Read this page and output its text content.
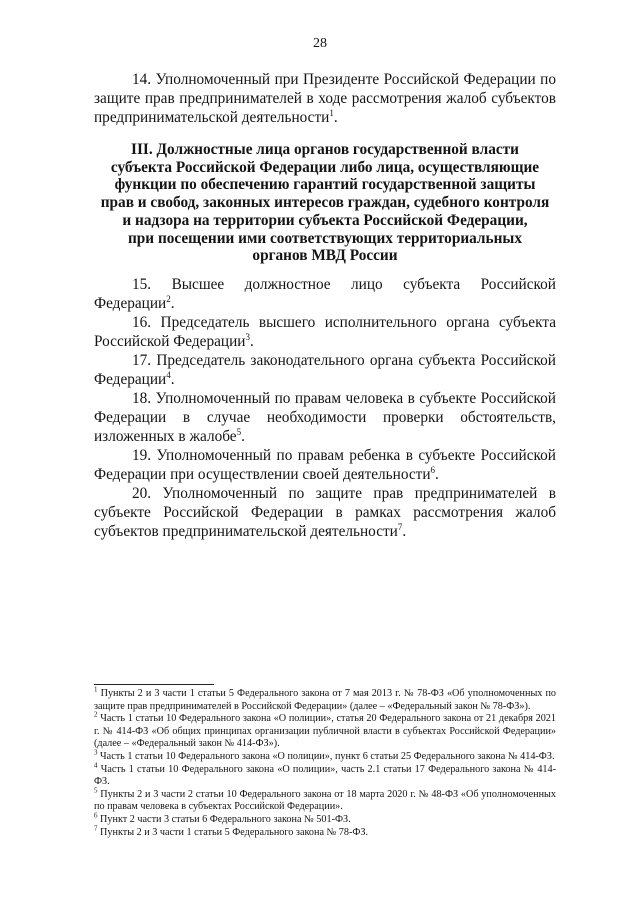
28

14. Уполномоченный при Президенте Российской Федерации по защите прав предпринимателей в ходе рассмотрения жалоб субъектов предпринимательской деятельности$^1$.

III. Должностные лица органов государственной власти
субъекта Российской Федерации либо лица, осуществляющие
функции по обеспечению гарантий государственной защиты
прав и свобод, законных интересов граждан, судебного контроля
и надзора на территории субъекта Российской Федерации,
при посещении ими соответствующих территориальных
органов МВД России

15. Высшее должностное лицо субъекта Российской Федерации$^2$.

16. Председатель высшего исполнительного органа субъекта Российской Федерации$^3$.

17. Председатель законодательного органа субъекта Российской Федерации$^4$.

18. Уполномоченный по правам человека в субъекте Российской Федерации в случае необходимости проверки обстоятельств, изложенных в жалобе$^5$.

19. Уполномоченный по правам ребенка в субъекте Российской Федерации при осуществлении своей деятельности$^6$.

20. Уполномоченный по защите прав предпринимателей в субъекте Российской Федерации в рамках рассмотрения жалоб субъектов предпринимательской деятельности$^7$.

$^1$ Пункты 2 и 3 части 1 статьи 5 Федерального закона от 7 мая 2013 г. № 78-ФЗ «Об уполномоченных по защите прав предпринимателей в Российской Федерации» (далее – «Федеральный закон № 78-ФЗ»).

$^2$ Часть 1 статьи 10 Федерального закона «О полиции», статья 20 Федерального закона от 21 декабря 2021 г. № 414-ФЗ «Об общих принципах организации публичной власти в субъектах Российской Федерации» (далее – «Федеральный закон № 414-ФЗ»).

$^3$ Часть 1 статьи 10 Федерального закона «О полиции», пункт 6 статьи 25 Федерального закона № 414-ФЗ.

$^4$ Часть 1 статьи 10 Федерального закона «О полиции», часть 2.1 статьи 17 Федерального закона № 414-ФЗ.

$^5$ Пункты 2 и 3 части 2 статьи 10 Федерального закона от 18 марта 2020 г. № 48-ФЗ «Об уполномоченных по правам человека в субъектах Российской Федерации».

$^6$ Пункт 2 части 3 статьи 6 Федерального закона № 501-ФЗ.

$^7$ Пункты 2 и 3 части 1 статьи 5 Федерального закона № 78-ФЗ.
